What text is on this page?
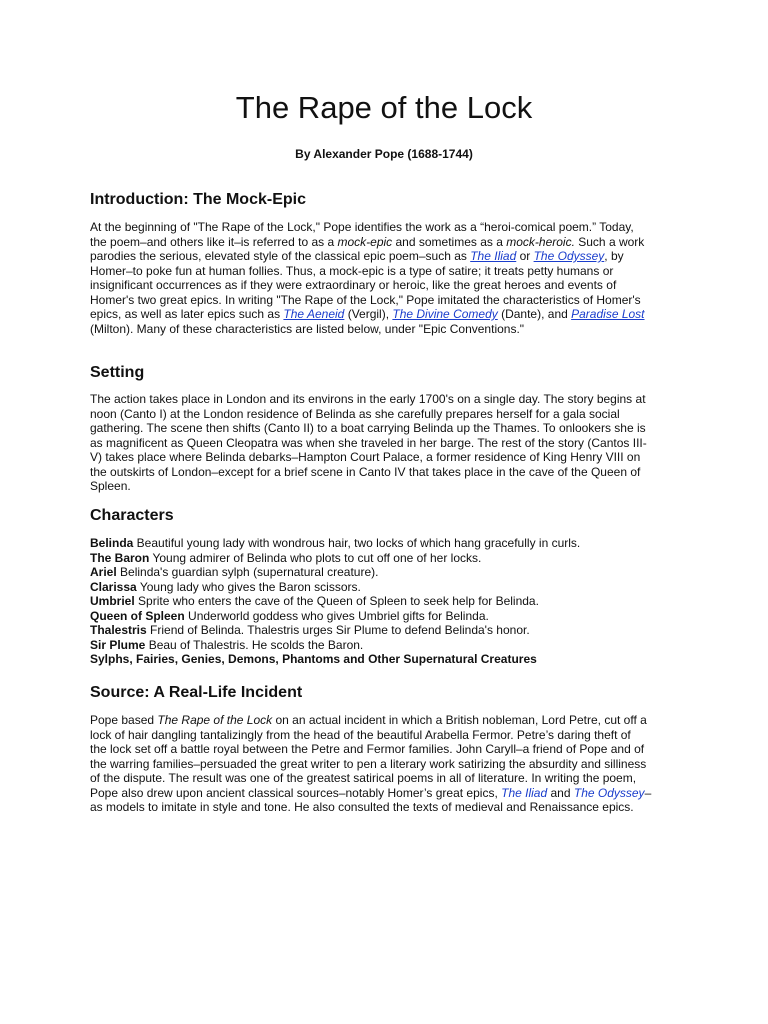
The Rape of the Lock
By Alexander Pope (1688-1744)
Introduction: The Mock-Epic
At the beginning of "The Rape of the Lock," Pope identifies the work as a “heroi-comical poem.” Today,
the poem–and others like it–is referred to as a mock-epic and sometimes as a mock-heroic. Such a work
parodies the serious, elevated style of the classical epic poem–such as The Iliad or The Odyssey, by
Homer–to poke fun at human follies. Thus, a mock-epic is a type of satire; it treats petty humans or
insignificant occurrences as if they were extraordinary or heroic, like the great heroes and events of
Homer's two great epics. In writing "The Rape of the Lock," Pope imitated the characteristics of Homer's
epics, as well as later epics such as The Aeneid (Vergil), The Divine Comedy (Dante), and Paradise Lost
(Milton). Many of these characteristics are listed below, under "Epic Conventions."
Setting
The action takes place in London and its environs in the early 1700's on a single day. The story begins at
noon (Canto I) at the London residence of Belinda as she carefully prepares herself for a gala social
gathering. The scene then shifts (Canto II) to a boat carrying Belinda up the Thames. To onlookers she is
as magnificent as Queen Cleopatra was when she traveled in her barge. The rest of the story (Cantos III-
V) takes place where Belinda debarks–Hampton Court Palace, a former residence of King Henry VIII on
the outskirts of London–except for a brief scene in Canto IV that takes place in the cave of the Queen of
Spleen.
Characters
Belinda Beautiful young lady with wondrous hair, two locks of which hang gracefully in curls.
The Baron Young admirer of Belinda who plots to cut off one of her locks.
Ariel Belinda's guardian sylph (supernatural creature).
Clarissa Young lady who gives the Baron scissors.
Umbriel Sprite who enters the cave of the Queen of Spleen to seek help for Belinda.
Queen of Spleen Underworld goddess who gives Umbriel gifts for Belinda.
Thalestris Friend of Belinda. Thalestris urges Sir Plume to defend Belinda's honor.
Sir Plume Beau of Thalestris. He scolds the Baron.
Sylphs, Fairies, Genies, Demons, Phantoms and Other Supernatural Creatures
Source: A Real-Life Incident
Pope based The Rape of the Lock on an actual incident in which a British nobleman, Lord Petre, cut off a
lock of hair dangling tantalizingly from the head of the beautiful Arabella Fermor. Petre’s daring theft of
the lock set off a battle royal between the Petre and Fermor families. John Caryll–a friend of Pope and of
the warring families–persuaded the great writer to pen a literary work satirizing the absurdity and silliness
of the dispute. The result was one of the greatest satirical poems in all of literature. In writing the poem,
Pope also drew upon ancient classical sources–notably Homer’s great epics, The Iliad and The Odyssey–
as models to imitate in style and tone. He also consulted the texts of medieval and Renaissance epics.
